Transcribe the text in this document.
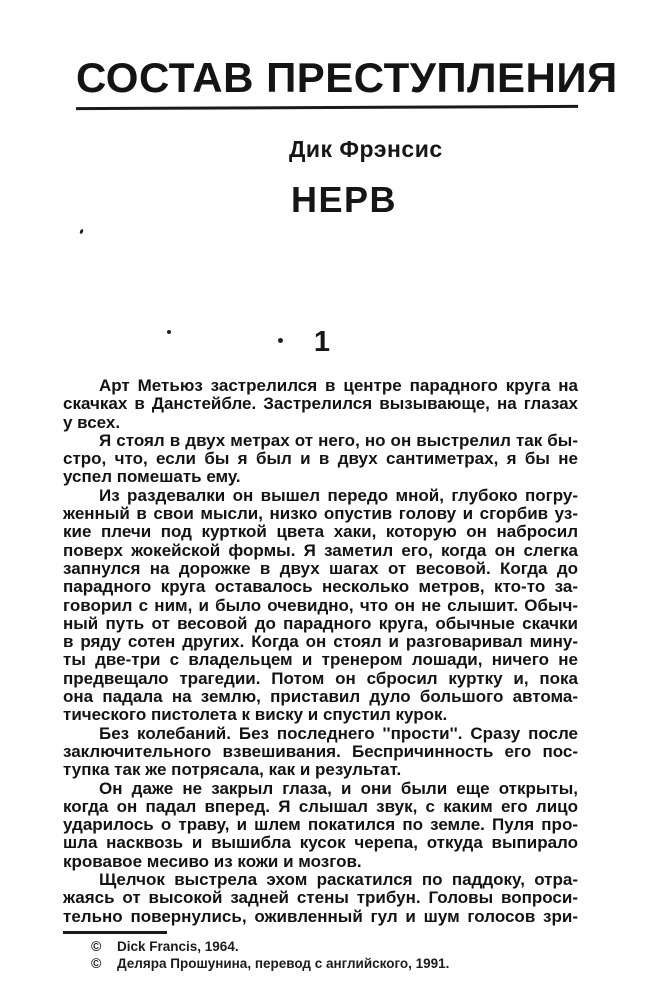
СОСТАВ ПРЕСТУПЛЕНИЯ
Дик Фрэнсис
НЕРВ
1
Арт Метьюз застрелился в центре парадного круга на
скачках в Данстейбле. Застрелился вызывающе, на глазах
у всех.
Я стоял в двух метрах от него, но он выстрелил так бы-
стро, что, если бы я был и в двух сантиметрах, я бы не
успел помешать ему.
Из раздевалки он вышел передо мной, глубоко погру-
женный в свои мысли, низко опустив голову и сгорбив уз-
кие плечи под курткой цвета хаки, которую он набросил
поверх жокейской формы. Я заметил его, когда он слегка
запнулся на дорожке в двух шагах от весовой. Когда до
парадного круга оставалось несколько метров, кто-то за-
говорил с ним, и было очевидно, что он не слышит. Обыч-
ный путь от весовой до парадного круга, обычные скачки
в ряду сотен других. Когда он стоял и разговаривал мину-
ты две-три с владельцем и тренером лошади, ничего не
предвещало трагедии. Потом он сбросил куртку и, пока
она падала на землю, приставил дуло большого автома-
тического пистолета к виску и спустил курок.
Без колебаний. Без последнего ''прости''. Сразу после
заключительного взвешивания. Беспричинность его пос-
тупка так же потрясала, как и результат.
Он даже не закрыл глаза, и они были еще открыты,
когда он падал вперед. Я слышал звук, с каким его лицо
ударилось о траву, и шлем покатился по земле. Пуля про-
шла насквозь и вышибла кусок черепа, откуда выпирало
кровавое месиво из кожи и мозгов.
Щелчок выстрела эхом раскатился по паддоку, отра-
жаясь от высокой задней стены трибун. Головы вопроси-
тельно повернулись, оживленный гул и шум голосов зри-
©	Dick Francis, 1964.
©	Деляра Прошунина, перевод с английского, 1991.
